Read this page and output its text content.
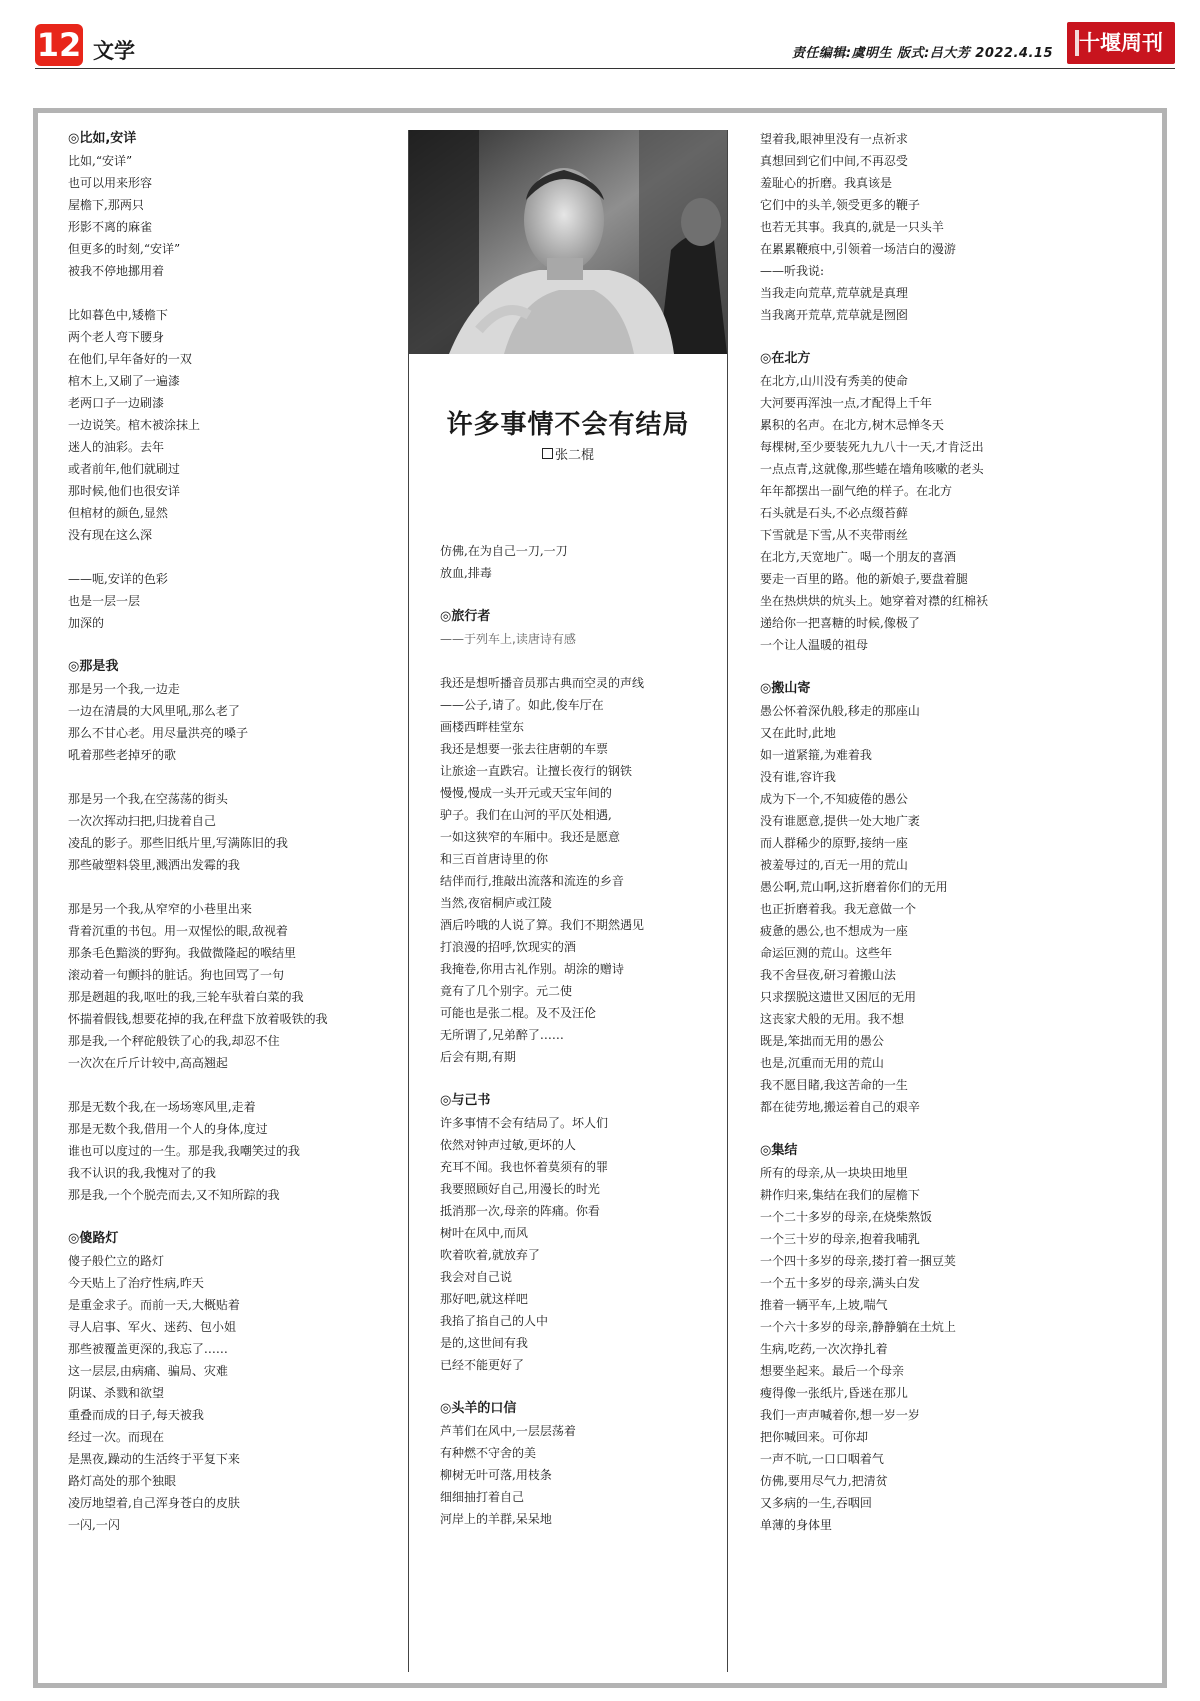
12 文学	责任编辑:虞明生 版式:吕大芳 2022.4.15	十堰周刊
许多事情不会有结局
张二棍
◎比如,安详
比如,“安详”
也可以用来形容
屋檐下,那两只
形影不离的麻雀
但更多的时刻,“安详”
被我不停地挪用着
比如暮色中,矮檐下
两个老人弯下腰身
在他们,早年备好的一双
棺木上,又刷了一遍漆
老两口子一边刷漆
一边说笑。棺木被涂抹上
迷人的油彩。去年
或者前年,他们就刷过
那时候,他们也很安详
但棺材的颜色,显然
没有现在这么深
——呃,安详的色彩
也是一层一层
加深的
◎那是我
那是另一个我,一边走
一边在清晨的大风里吼,那么老了
那么不甘心老。用尽量洪亮的嗓子
吼着那些老掉牙的歌
那是另一个我,在空荡荡的街头
一次次挥动扫把,归拢着自己
凌乱的影子。那些旧纸片里,写满陈旧的我
那些破塑料袋里,溅洒出发霉的我
那是另一个我,从窄窄的小巷里出来
背着沉重的书包。用一双惺忪的眼,敌视着
那条毛色黯淡的野狗。我做微隆起的喉结里
滚动着一句颤抖的脏话。狗也回骂了一句
那是趔趄的我,呕吐的我,三轮车驮着白菜的我
怀揣着假钱,想要花掉的我,在秤盘下放着吸铁的我
那是我,一个秤砣般铁了心的我,却忍不住
一次次在斤斤计较中,高高翘起
那是无数个我,在一场场寒风里,走着
那是无数个我,借用一个人的身体,度过
谁也可以度过的一生。那是我,我嘲笑过的我
我不认识的我,我愧对了的我
那是我,一个个脱壳而去,又不知所踪的我
◎傻路灯
傻子般伫立的路灯
今天贴上了治疗性病,昨天
是重金求子。而前一天,大概贴着
寻人启事、军火、迷药、包小姐
那些被覆盖更深的,我忘了……
这一层层,由病痛、骗局、灾难
阴谋、杀戮和欲望
重叠而成的日子,每天被我
经过一次。而现在
是黑夜,躁动的生活终于平复下来
路灯高处的那个独眼
凌厉地望着,自己浑身苍白的皮肤
一闪,一闪
仿佛,在为自己一刀,一刀
放血,排毒
◎旅行者
——于列车上,读唐诗有感
我还是想听播音员那古典而空灵的声线
——公子,请了。如此,俊车厅在
画楼西畔桂堂东
我还是想要一张去往唐朝的车票
让旅途一直跌宕。让擅长夜行的钢铁
慢慢,慢成一头开元或天宝年间的
驴子。我们在山河的平仄处相遇,
一如这狭窄的车厢中。我还是愿意
和三百首唐诗里的你
结伴而行,推敲出流落和流连的乡音
当然,夜宿桐庐或江陵
酒后吟哦的人说了算。我们不期然遇见
打浪漫的招呼,饮现实的酒
我掩卷,你用古礼作别。胡涂的赠诗
竟有了几个别字。元二使
可能也是张二棍。及不及汪伦
无所谓了,兄弟醉了……
后会有期,有期
◎与己书
许多事情不会有结局了。坏人们
依然对钟声过敏,更坏的人
充耳不闻。我也怀着莫须有的罪
我要照顾好自己,用漫长的时光
抵消那一次,母亲的阵痛。你看
树叶在风中,而风
吹着吹着,就放弃了
我会对自己说
那好吧,就这样吧
我掐了掐自己的人中
是的,这世间有我
已经不能更好了
◎头羊的口信
芦苇们在风中,一层层荡着
有种燃不守舍的美
柳树无叶可落,用枝条
细细抽打着自己
河岸上的羊群,呆呆地
望着我,眼神里没有一点祈求
真想回到它们中间,不再忍受
羞耻心的折磨。我真该是
它们中的头羊,领受更多的鞭子
也若无其事。我真的,就是一只头羊
在累累鞭痕中,引领着一场洁白的漫游
——听我说:
当我走向荒草,荒草就是真理
当我离开荒草,荒草就是囫囵
◎在北方
在北方,山川没有秀美的使命
大河要再浑浊一点,才配得上千年
累积的名声。在北方,树木忌惮冬天
每棵树,至少要装死九九八十一天,才肯泛出
一点点青,这就像,那些蜷在墙角咳嗽的老头
年年都摆出一副气绝的样子。在北方
石头就是石头,不必点缀苔藓
下雪就是下雪,从不夹带雨丝
在北方,天宽地广。喝一个朋友的喜酒
要走一百里的路。他的新娘子,要盘着腿
坐在热烘烘的炕头上。她穿着对襟的红棉袄
递给你一把喜糖的时候,像极了
一个让人温暖的祖母
◎搬山寄
愚公怀着深仇般,移走的那座山
又在此时,此地
如一道紧箍,为难着我
没有谁,容许我
成为下一个,不知疲倦的愚公
没有谁愿意,提供一处大地广袤
而人群稀少的原野,接纳一座
被羞辱过的,百无一用的荒山
愚公啊,荒山啊,这折磨着你们的无用
也正折磨着我。我无意做一个
疲惫的愚公,也不想成为一座
命运叵测的荒山。这些年
我不舍昼夜,研习着搬山法
只求摆脱这遗世又困厄的无用
这丧家犬般的无用。我不想
既是,笨拙而无用的愚公
也是,沉重而无用的荒山
我不愿目睹,我这苦命的一生
都在徒劳地,搬运着自己的艰辛
◎集结
所有的母亲,从一块块田地里
耕作归来,集结在我们的屋檐下
一个二十多岁的母亲,在烧柴熬饭
一个三十岁的母亲,抱着我哺乳
一个四十多岁的母亲,搂打着一捆豆荚
一个五十多岁的母亲,满头白发
推着一辆平车,上坡,喘气
一个六十多岁的母亲,静静躺在土炕上
生病,吃药,一次次挣扎着
想要坐起来。最后一个母亲
瘦得像一张纸片,昏迷在那儿
我们一声声喊着你,想一岁一岁
把你喊回来。可你却
一声不吭,一口口咽着气
仿佛,要用尽气力,把清贫
又多病的一生,吞咽回
单薄的身体里
